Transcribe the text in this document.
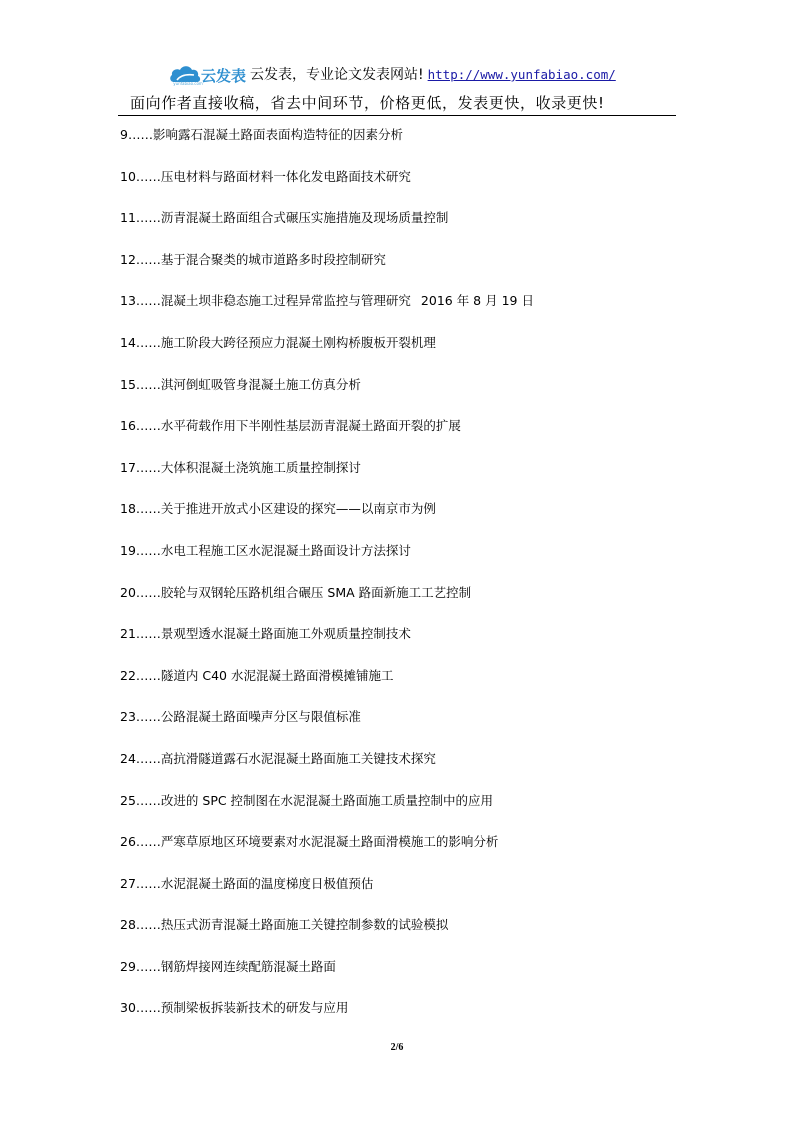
云发表
yunfabiao.com
云发表，专业论文发表网站! http://www.yunfabiao.com/
面向作者直接收稿，省去中间环节，价格更低，发表更快，收录更快!
9……影响露石混凝土路面表面构造特征的因素分析
10……压电材料与路面材料一体化发电路面技术研究
11……沥青混凝土路面组合式碾压实施措施及现场质量控制
12……基于混合聚类的城市道路多时段控制研究
13……混凝土坝非稳态施工过程异常监控与管理研究 2016 年 8 月 19 日
14……施工阶段大跨径预应力混凝土刚构桥腹板开裂机理
15……淇河倒虹吸管身混凝土施工仿真分析
16……水平荷载作用下半刚性基层沥青混凝土路面开裂的扩展
17……大体积混凝土浇筑施工质量控制探讨
18……关于推进开放式小区建设的探究——以南京市为例
19……水电工程施工区水泥混凝土路面设计方法探讨
20……胶轮与双钢轮压路机组合碾压 SMA 路面新施工工艺控制
21……景观型透水混凝土路面施工外观质量控制技术
22……隧道内 C40 水泥混凝土路面滑模摊铺施工
23……公路混凝土路面噪声分区与限值标准
24……高抗滑隧道露石水泥混凝土路面施工关键技术探究
25……改进的 SPC 控制图在水泥混凝土路面施工质量控制中的应用
26……严寒草原地区环境要素对水泥混凝土路面滑模施工的影响分析
27……水泥混凝土路面的温度梯度日极值预估
28……热压式沥青混凝土路面施工关键控制参数的试验模拟
29……钢筋焊接网连续配筋混凝土路面
30……预制梁板拆装新技术的研发与应用
2/6
